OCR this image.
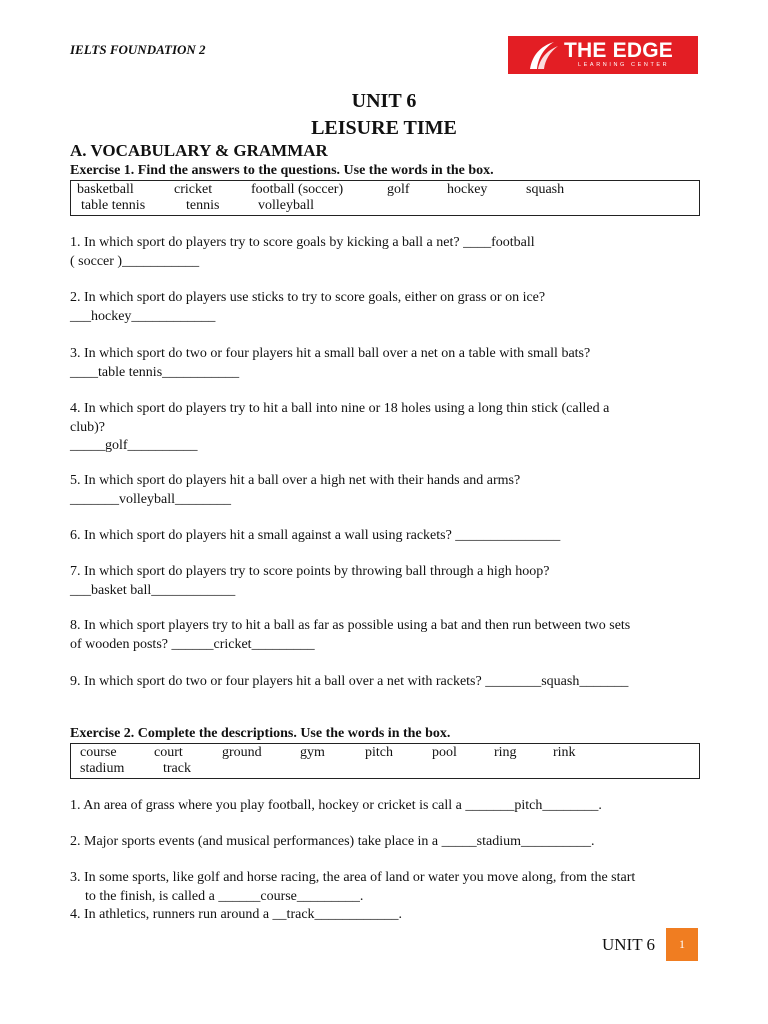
IELTS FOUNDATION 2	THE EDGE
LEARNING CENTER
UNIT 6
LEISURE TIME
A. VOCABULARY & GRAMMAR
Exercise 1. Find the answers to the questions. Use the words in the box.
basketball	cricket	football (soccer)	golf	hockey	squash
table tennis	tennis	volleyball

1. In which sport do players try to score goals by kicking a ball a net? ____football

( soccer )___________

2. In which sport do players use sticks to try to score goals, either on grass or on ice?

___hockey____________

3. In which sport do two or four players hit a small ball over a net on a table with small bats?

____table tennis___________

4. In which sport do players try to hit a ball into nine or 18 holes using a long thin stick (called a

club)?

_____golf__________

5. In which sport do players hit a ball over a high net with their hands and arms?

_______volleyball________

6. In which sport do players hit a small against a wall using rackets? _______________

7. In which sport do players try to score points by throwing ball through a high hoop?

___basket ball____________

8. In which sport players try to hit a ball as far as possible using a bat and then run between two sets

of wooden posts? ______cricket_________

9. In which sport do two or four players hit a ball over a net with rackets? ________squash_______

Exercise 2. Complete the descriptions. Use the words in the box.
course	court	ground	gym	pitch	pool	ring	rink
stadium	track

1. An area of grass where you play football, hockey or cricket is call a _______pitch________.

2. Major sports events (and musical performances) take place in a _____stadium__________.

3. In some sports, like golf and horse racing, the area of land or water you move along, from the start

to the finish, is called a ______course_________.

4. In athletics, runners run around a __track____________.

UNIT 6	1
